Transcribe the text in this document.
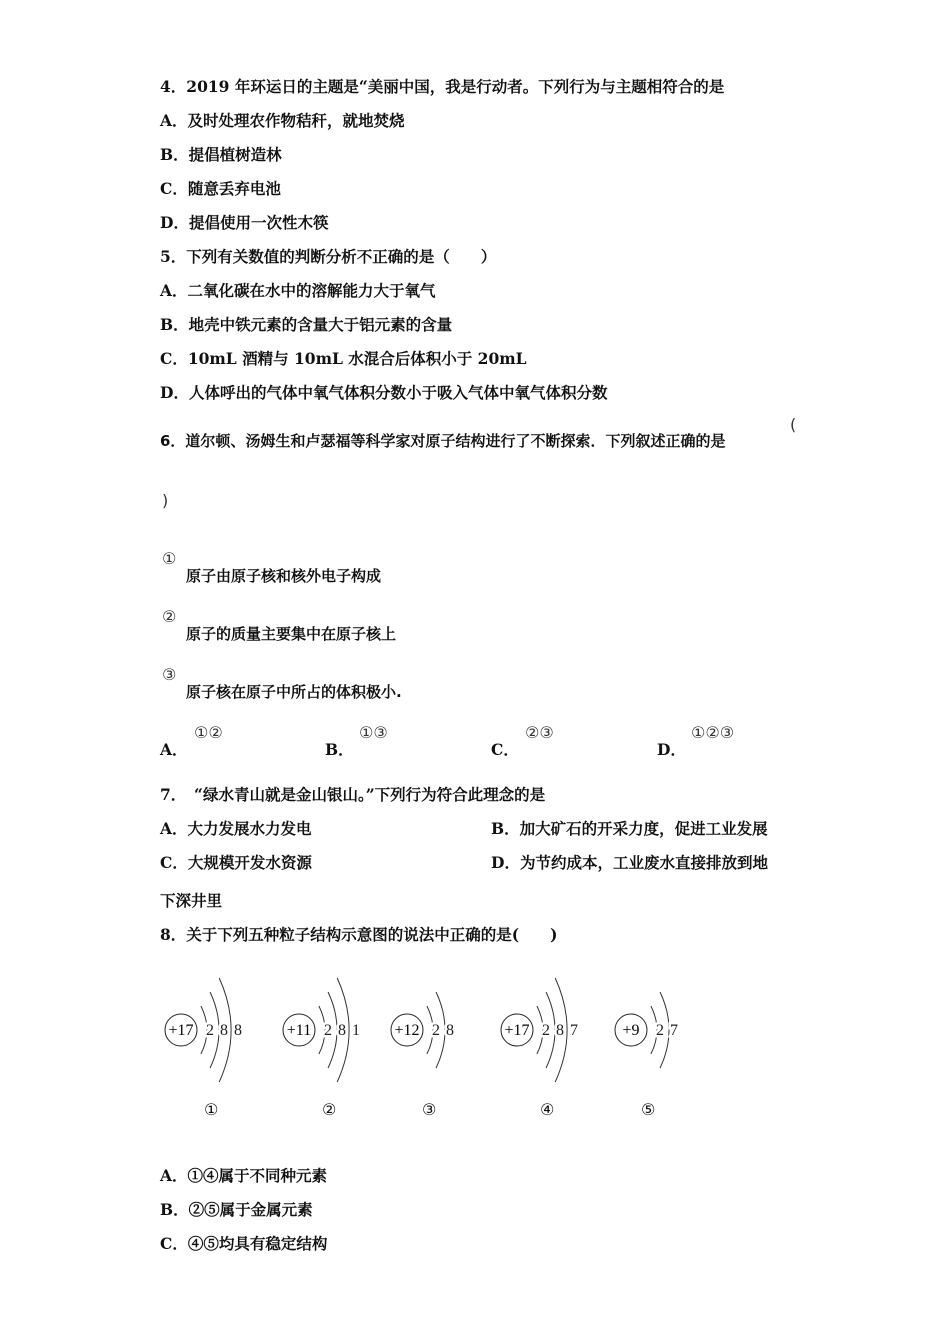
4．2019 年环运日的主题是“美丽中国，我是行动者。下列行为与主题相符合的是
A．及时处理农作物秸秆，就地焚烧
B．提倡植树造林
C．随意丢弃电池
D．提倡使用一次性木筷
5．下列有关数值的判断分析不正确的是（　　）
A．二氧化碳在水中的溶解能力大于氧气
B．地壳中铁元素的含量大于铝元素的含量
C．10mL 酒精与 10mL 水混合后体积小于 20mL
D．人体呼出的气体中氧气体积分数小于吸入气体中氧气体积分数
6．道尔顿、汤姆生和卢瑟福等科学家对原子结构进行了不断探索．下列叙述正确的是
(
)
①
原子由原子核和核外电子构成
②
原子的质量主要集中在原子核上
③
原子核在原子中所占的体积极小.
A．
①②
B．
①③
C．
②③
D．
①②③
7．　“绿水青山就是金山银山。”下列行为符合此理念的是
A．大力发展水力发电	B．加大矿石的开采力度，促进工业发展
C．大规模开发水资源	D．为节约成本，工业废水直接排放到地
下深井里
8．关于下列五种粒子结构示意图的说法中正确的是(　　)
+17 2 8 8
①
+11 2 8 1
②
+12 2 8
③
+17 2 8 7
④
+9 2 7
⑤
A．①④属于不同种元素
B．②⑤属于金属元素
C．④⑤均具有稳定结构
